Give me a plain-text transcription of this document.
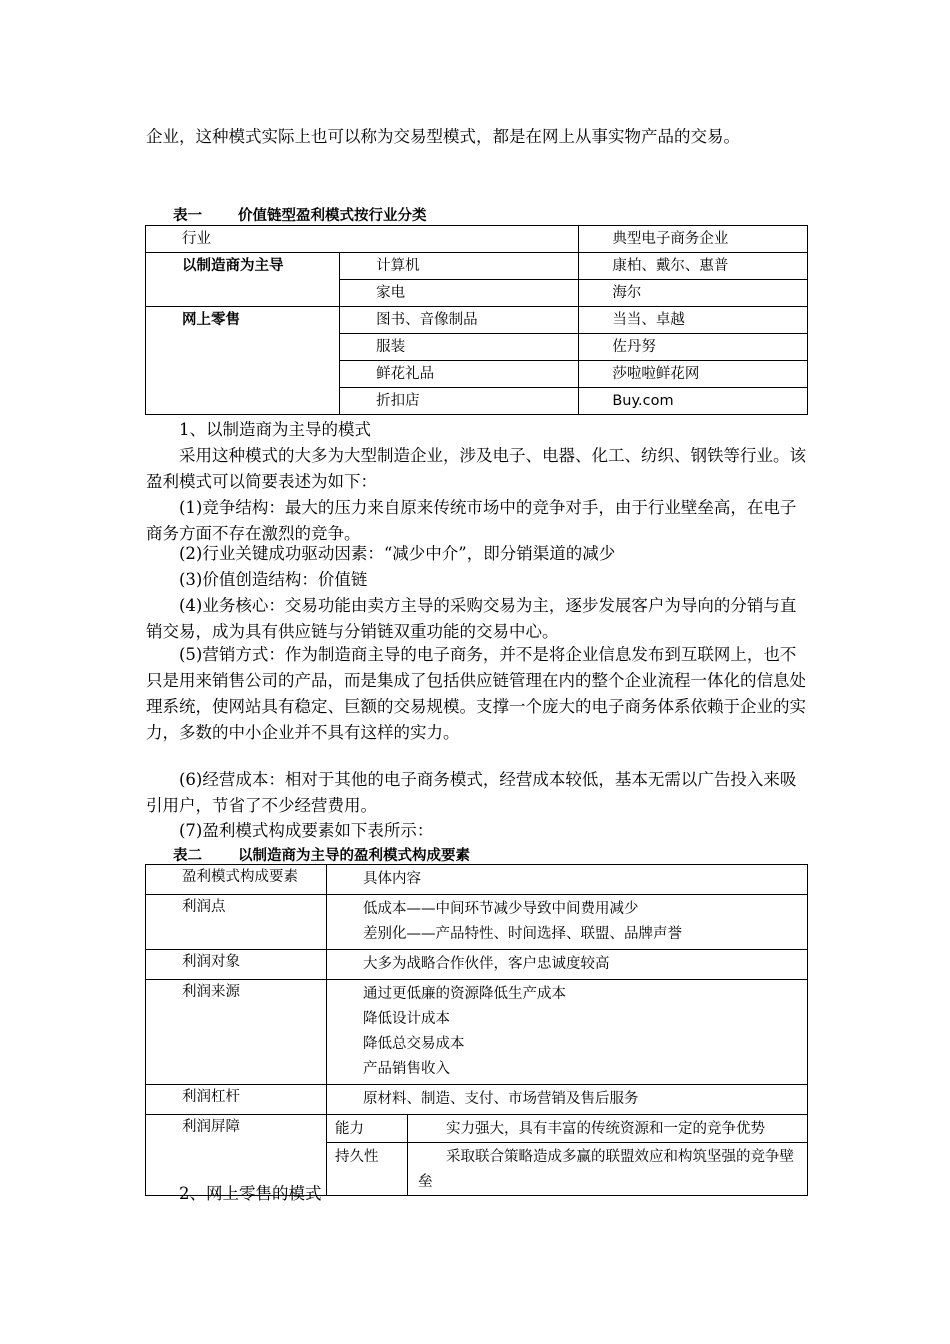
企业，这种模式实际上也可以称为交易型模式，都是在网上从事实物产品的交易。

表一 价值链型盈利模式按行业分类
行业		典型电子商务企业
以制造商为主导	计算机	康柏、戴尔、惠普
	家电	海尔
网上零售	图书、音像制品	当当、卓越
	服装	佐丹努
	鲜花礼品	莎啦啦鲜花网
	折扣店	Buy.com

1、以制造商为主导的模式

采用这种模式的大多为大型制造企业，涉及电子、电器、化工、纺织、钢铁等行业。该盈利模式可以简要表述为如下：

(1)竞争结构：最大的压力来自原来传统市场中的竞争对手，由于行业壁垒高，在电子商务方面不存在激烈的竞争。

(2)行业关键成功驱动因素：“减少中介”，即分销渠道的减少

(3)价值创造结构：价值链

(4)业务核心：交易功能由卖方主导的采购交易为主，逐步发展客户为导向的分销与直销交易，成为具有供应链与分销链双重功能的交易中心。

(5)营销方式：作为制造商主导的电子商务，并不是将企业信息发布到互联网上，也不只是用来销售公司的产品，而是集成了包括供应链管理在内的整个企业流程一体化的信息处理系统，使网站具有稳定、巨额的交易规模。支撑一个庞大的电子商务体系依赖于企业的实力，多数的中小企业并不具有这样的实力。

(6)经营成本：相对于其他的电子商务模式，经营成本较低，基本无需以广告投入来吸引用户，节省了不少经营费用。

(7)盈利模式构成要素如下表所示：

表二 以制造商为主导的盈利模式构成要素
盈利模式构成要素	具体内容	
利润点	低成本——中间环节减少导致中间费用减少
差别化——产品特性、时间选择、联盟、品牌声誉	

利润对象	大多为战略合作伙伴，客户忠诚度较高	
利润来源	通过更低廉的资源降低生产成本
降低设计成本
降低总交易成本
产品销售收入	

利润杠杆	原材料、制造、支付、市场营销及售后服务	
利润屏障	能力	实力强大，具有丰富的传统资源和一定的竞争优势

	持久性	采取联合策略造成多赢的联盟效应和构筑坚强的竞争壁垒

2、网上零售的模式
